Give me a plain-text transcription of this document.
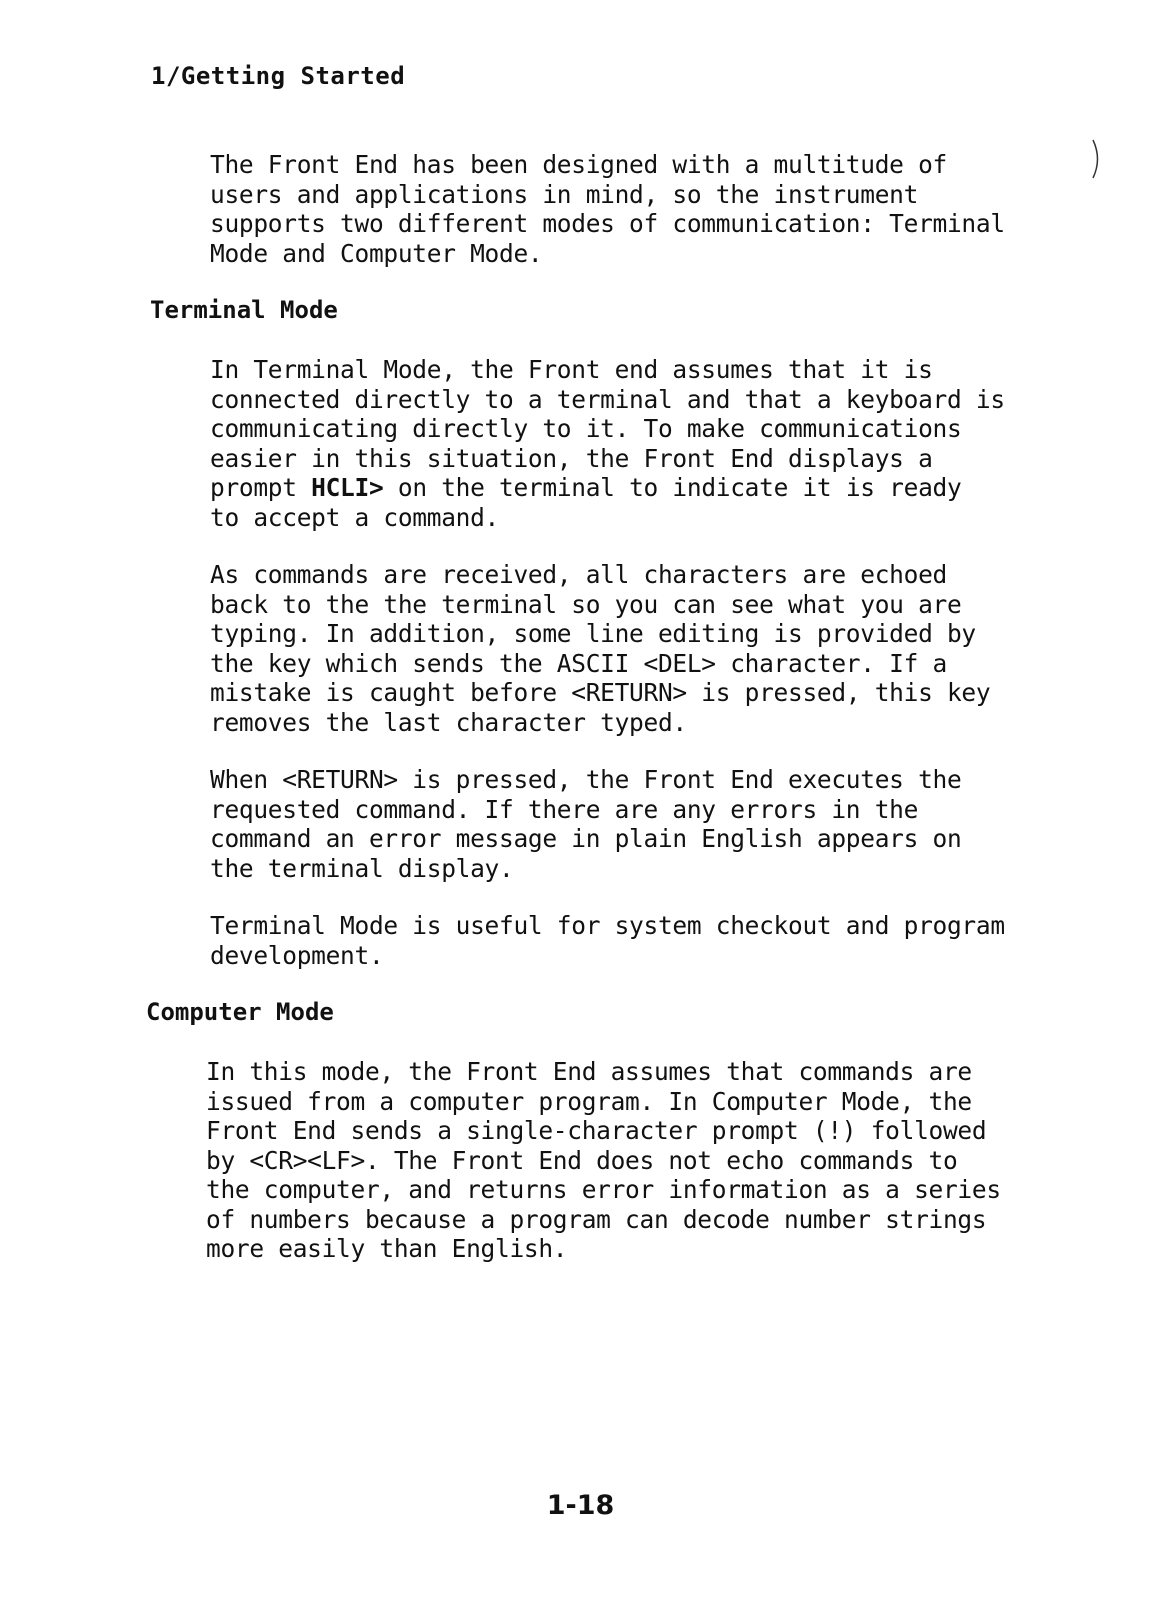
1/Getting Started
The Front End has been designed with a multitude of
users and applications in mind, so the instrument
supports two different modes of communication: Terminal
Mode and Computer Mode.
Terminal Mode
In Terminal Mode, the Front end assumes that it is
connected directly to a terminal and that a keyboard is
communicating directly to it. To make communications
easier in this situation, the Front End displays a
prompt HCLI> on the terminal to indicate it is ready
to accept a command.
As commands are received, all characters are echoed
back to the the terminal so you can see what you are
typing. In addition, some line editing is provided by
the key which sends the ASCII <DEL> character. If a
mistake is caught before <RETURN> is pressed, this key
removes the last character typed.
When <RETURN> is pressed, the Front End executes the
requested command. If there are any errors in the
command an error message in plain English appears on
the terminal display.
Terminal Mode is useful for system checkout and program
development.
Computer Mode
In this mode, the Front End assumes that commands are
issued from a computer program. In Computer Mode, the
Front End sends a single-character prompt (!) followed
by <CR><LF>. The Front End does not echo commands to
the computer, and returns error information as a series
of numbers because a program can decode number strings
more easily than English.
1-18
